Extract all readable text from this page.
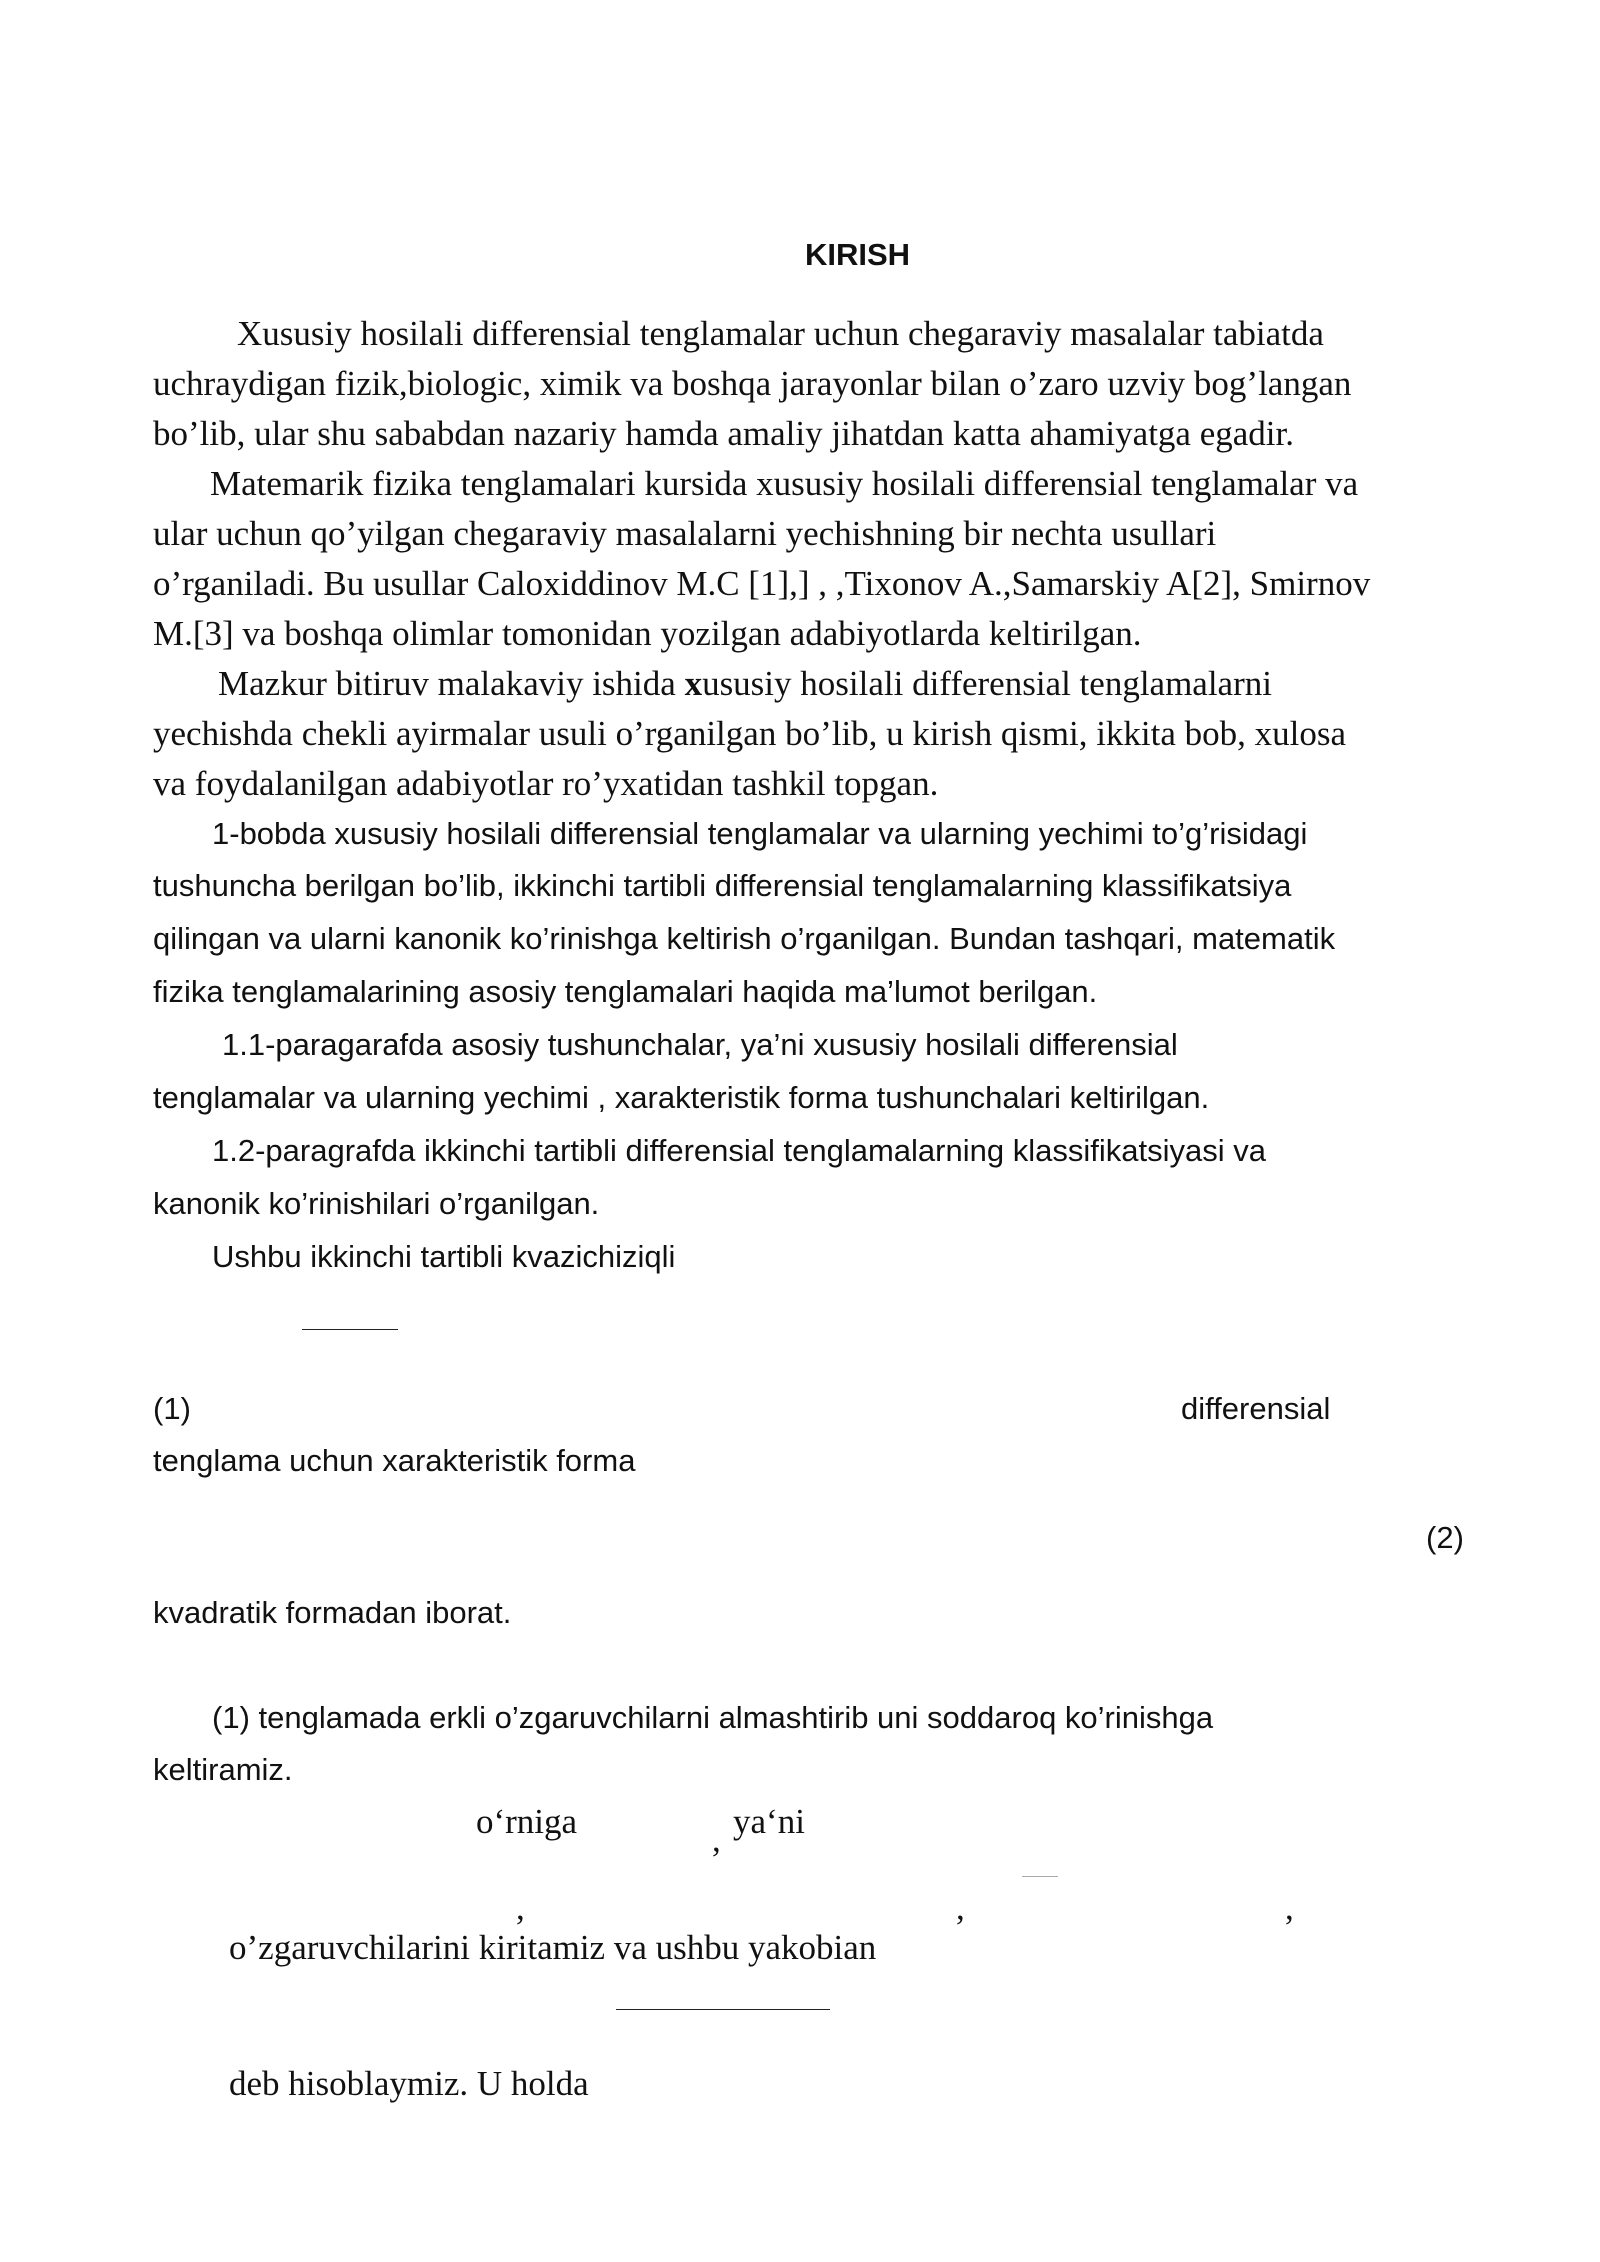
KIRISH
Xususiy hosilali differensial tenglamalar uchun chegaraviy masalalar tabiatda
uchraydigan fizik,biologic, ximik va boshqa jarayonlar bilan o’zaro uzviy bog’langan
bo’lib, ular shu sababdan nazariy hamda amaliy jihatdan katta ahamiyatga egadir.
Matemarik fizika tenglamalari kursida xususiy hosilali differensial tenglamalar va
ular uchun qo’yilgan chegaraviy masalalarni yechishning bir nechta usullari
o’rganiladi. Bu usullar Caloxiddinov M.C [1],] , ,Tixonov A.,Samarskiy A[2], Smirnov
M.[3] va boshqa olimlar tomonidan yozilgan adabiyotlarda keltirilgan.
Mazkur bitiruv malakaviy ishida xususiy hosilali differensial tenglamalarni
yechishda chekli ayirmalar usuli o’rganilgan bo’lib, u kirish qismi, ikkita bob, xulosa
va foydalanilgan adabiyotlar ro’yxatidan tashkil topgan.
1-bobda xususiy hosilali differensial tenglamalar va ularning yechimi to’g’risidagi
tushuncha berilgan bo’lib, ikkinchi tartibli differensial tenglamalarning klassifikatsiya
qilingan va ularni kanonik ko’rinishga keltirish o’rganilgan. Bundan tashqari, matematik
fizika tenglamalarining asosiy tenglamalari haqida ma’lumot berilgan.
1.1-paragarafda asosiy tushunchalar, ya’ni xususiy hosilali differensial
tenglamalar va ularning yechimi , xarakteristik forma tushunchalari keltirilgan.
1.2-paragrafda ikkinchi tartibli differensial tenglamalarning klassifikatsiyasi va
kanonik ko’rinishilari o’rganilgan.
Ushbu ikkinchi tartibli kvazichiziqli
(1)	differensial
tenglama uchun xarakteristik forma
(2)
kvadratik formadan iborat.
(1) tenglamada erkli o’zgaruvchilarni almashtirib uni soddaroq ko’rinishga
keltiramiz.
o‘rniga	, ya‘ni
,	,	,
o’zgaruvchilarini kiritamiz va ushbu yakobian
deb hisoblaymiz. U holda
